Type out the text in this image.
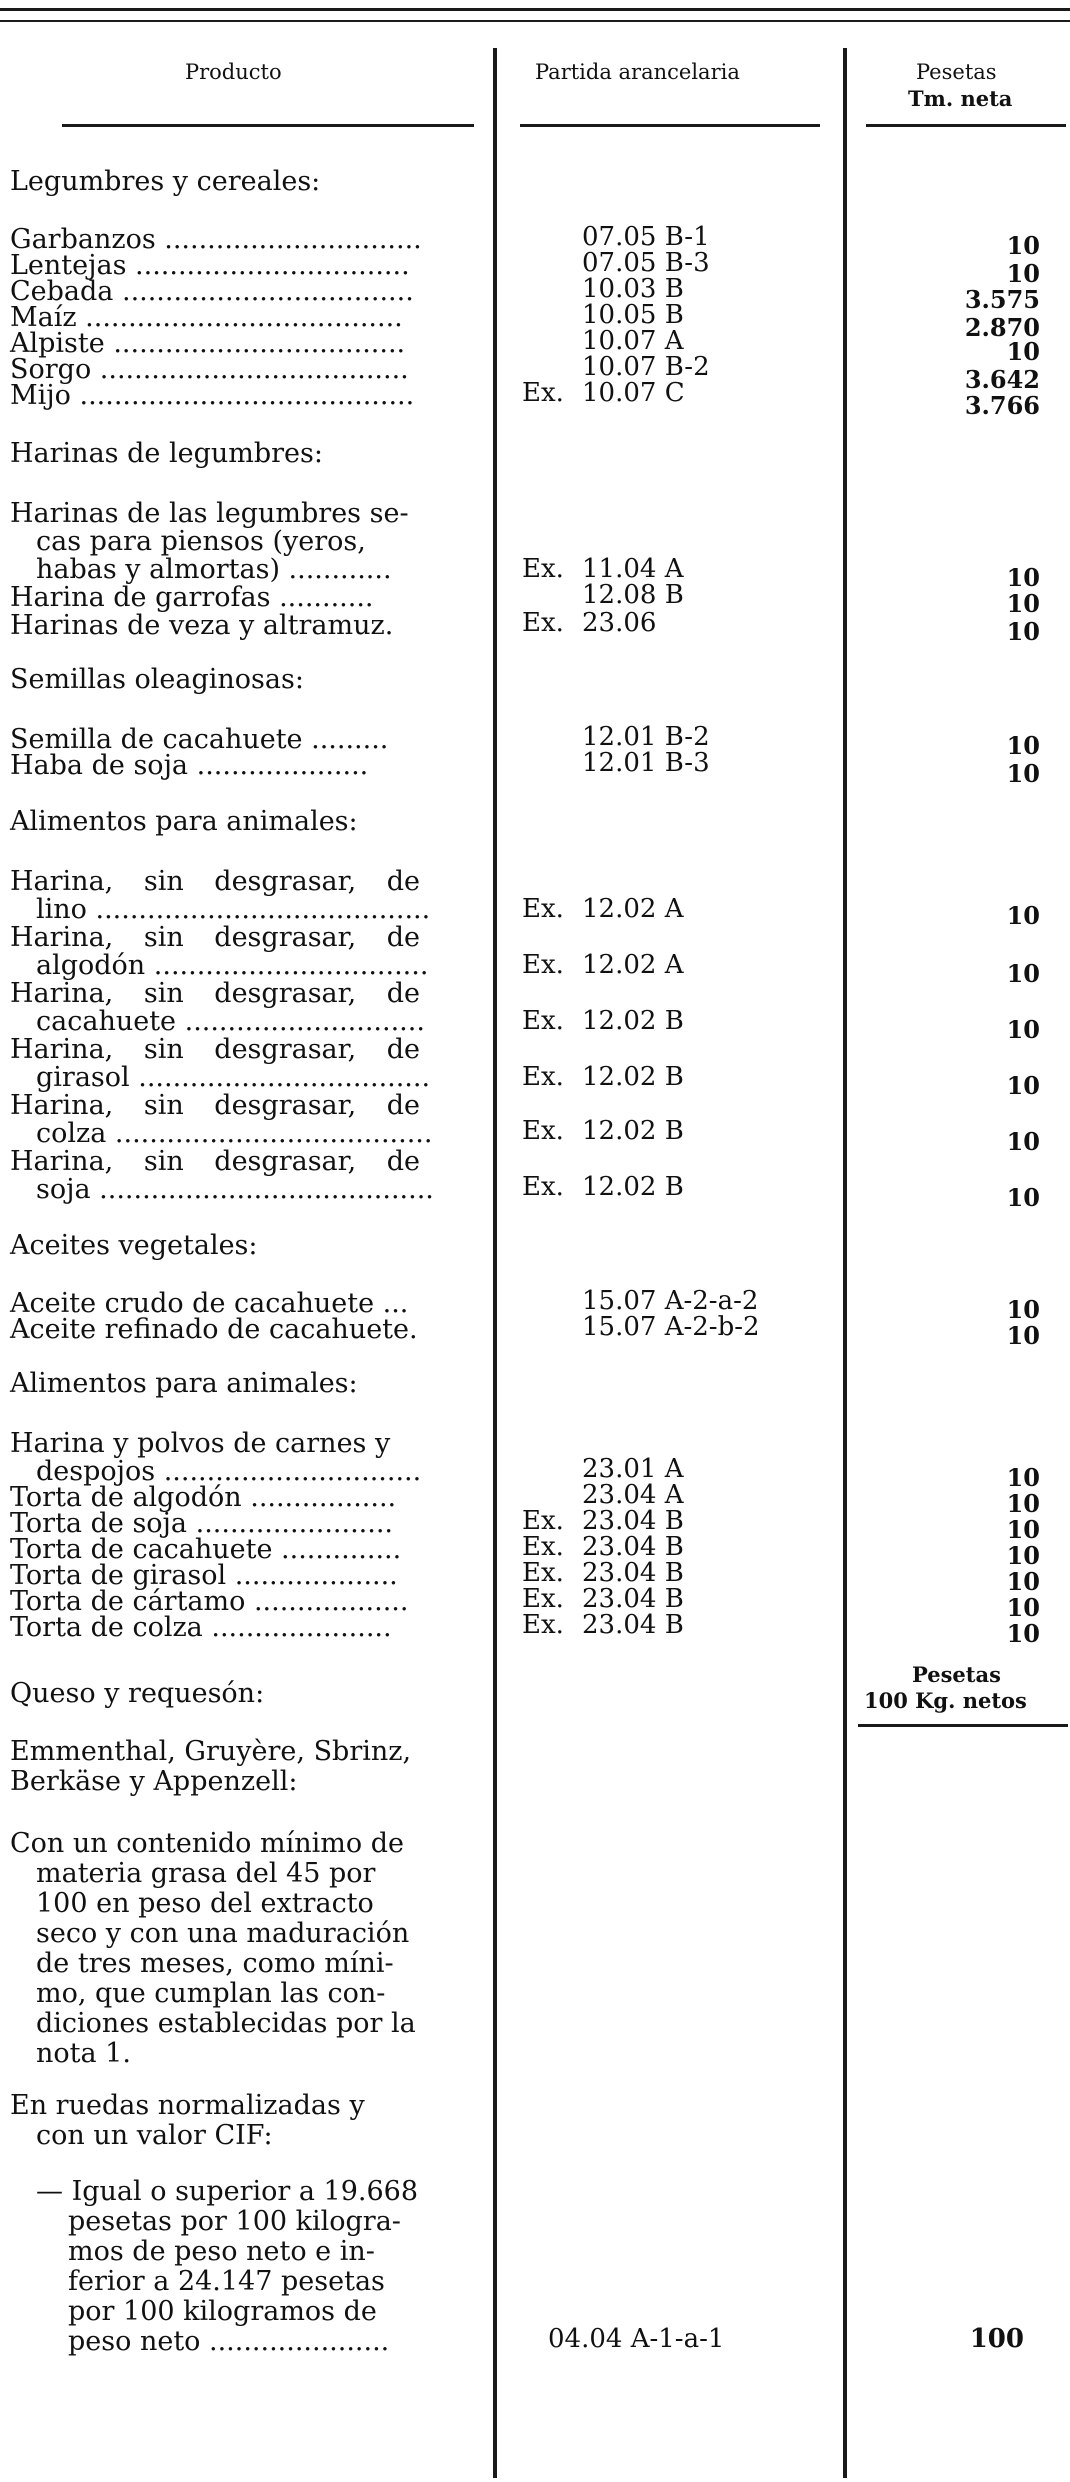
Producto	Partida arancelaria	Pesetas
Tm. neta
Legumbres y cereales:
Garbanzos ..............................	07.05 B-1	10
Lentejas ................................	07.05 B-3	10
Cebada ..................................	10.03 B	3.575
Maíz .....................................	10.05 B	2.870
Alpiste ..................................	10.07 A	10
Sorgo ....................................	10.07 B-2	3.642
Mijo .......................................	Ex. 10.07 C	3.766
Harinas de legumbres:
Harinas de las legumbres se-
cas para piensos (yeros,
habas y almortas) ............	Ex. 11.04 A	10
Harina de garrofas ...........	12.08 B	10
Harinas de veza y altramuz.	Ex. 23.06	10
Semillas oleaginosas:
Semilla de cacahuete .........	12.01 B-2	10
Haba de soja ....................	12.01 B-3	10
Alimentos para animales:
Harina, sin desgrasar, de
lino .......................................	Ex. 12.02 A	10
Harina, sin desgrasar, de
algodón ................................	Ex. 12.02 A	10
Harina, sin desgrasar, de
cacahuete ............................	Ex. 12.02 B	10
Harina, sin desgrasar, de
girasol ..................................	Ex. 12.02 B	10
Harina, sin desgrasar, de
colza .....................................	Ex. 12.02 B	10
Harina, sin desgrasar, de
soja .......................................	Ex. 12.02 B	10
Aceites vegetales:
Aceite crudo de cacahuete ...	15.07 A-2-a-2	10
Aceite refinado de cacahuete.	15.07 A-2-b-2	10
Alimentos para animales:
Harina y polvos de carnes y
despojos ..............................	23.01 A	10
Torta de algodón .................	23.04 A	10
Torta de soja .......................	Ex. 23.04 B	10
Torta de cacahuete ..............	Ex. 23.04 B	10
Torta de girasol ...................	Ex. 23.04 B	10
Torta de cártamo ..................	Ex. 23.04 B	10
Torta de colza .....................	Ex. 23.04 B	10
Queso y requesón:
Pesetas
100 Kg. netos
Emmenthal, Gruyère, Sbrinz,
Berkäse y Appenzell:
Con un contenido mínimo de
materia grasa del 45 por
100 en peso del extracto
seco y con una maduración
de tres meses, como míni-
mo, que cumplan las con-
diciones establecidas por la
nota 1.
En ruedas normalizadas y
con un valor CIF:
— Igual o superior a 19.668
pesetas por 100 kilogra-
mos de peso neto e in-
ferior a 24.147 pesetas
por 100 kilogramos de
peso neto .....................	04.04 A-1-a-1	100
